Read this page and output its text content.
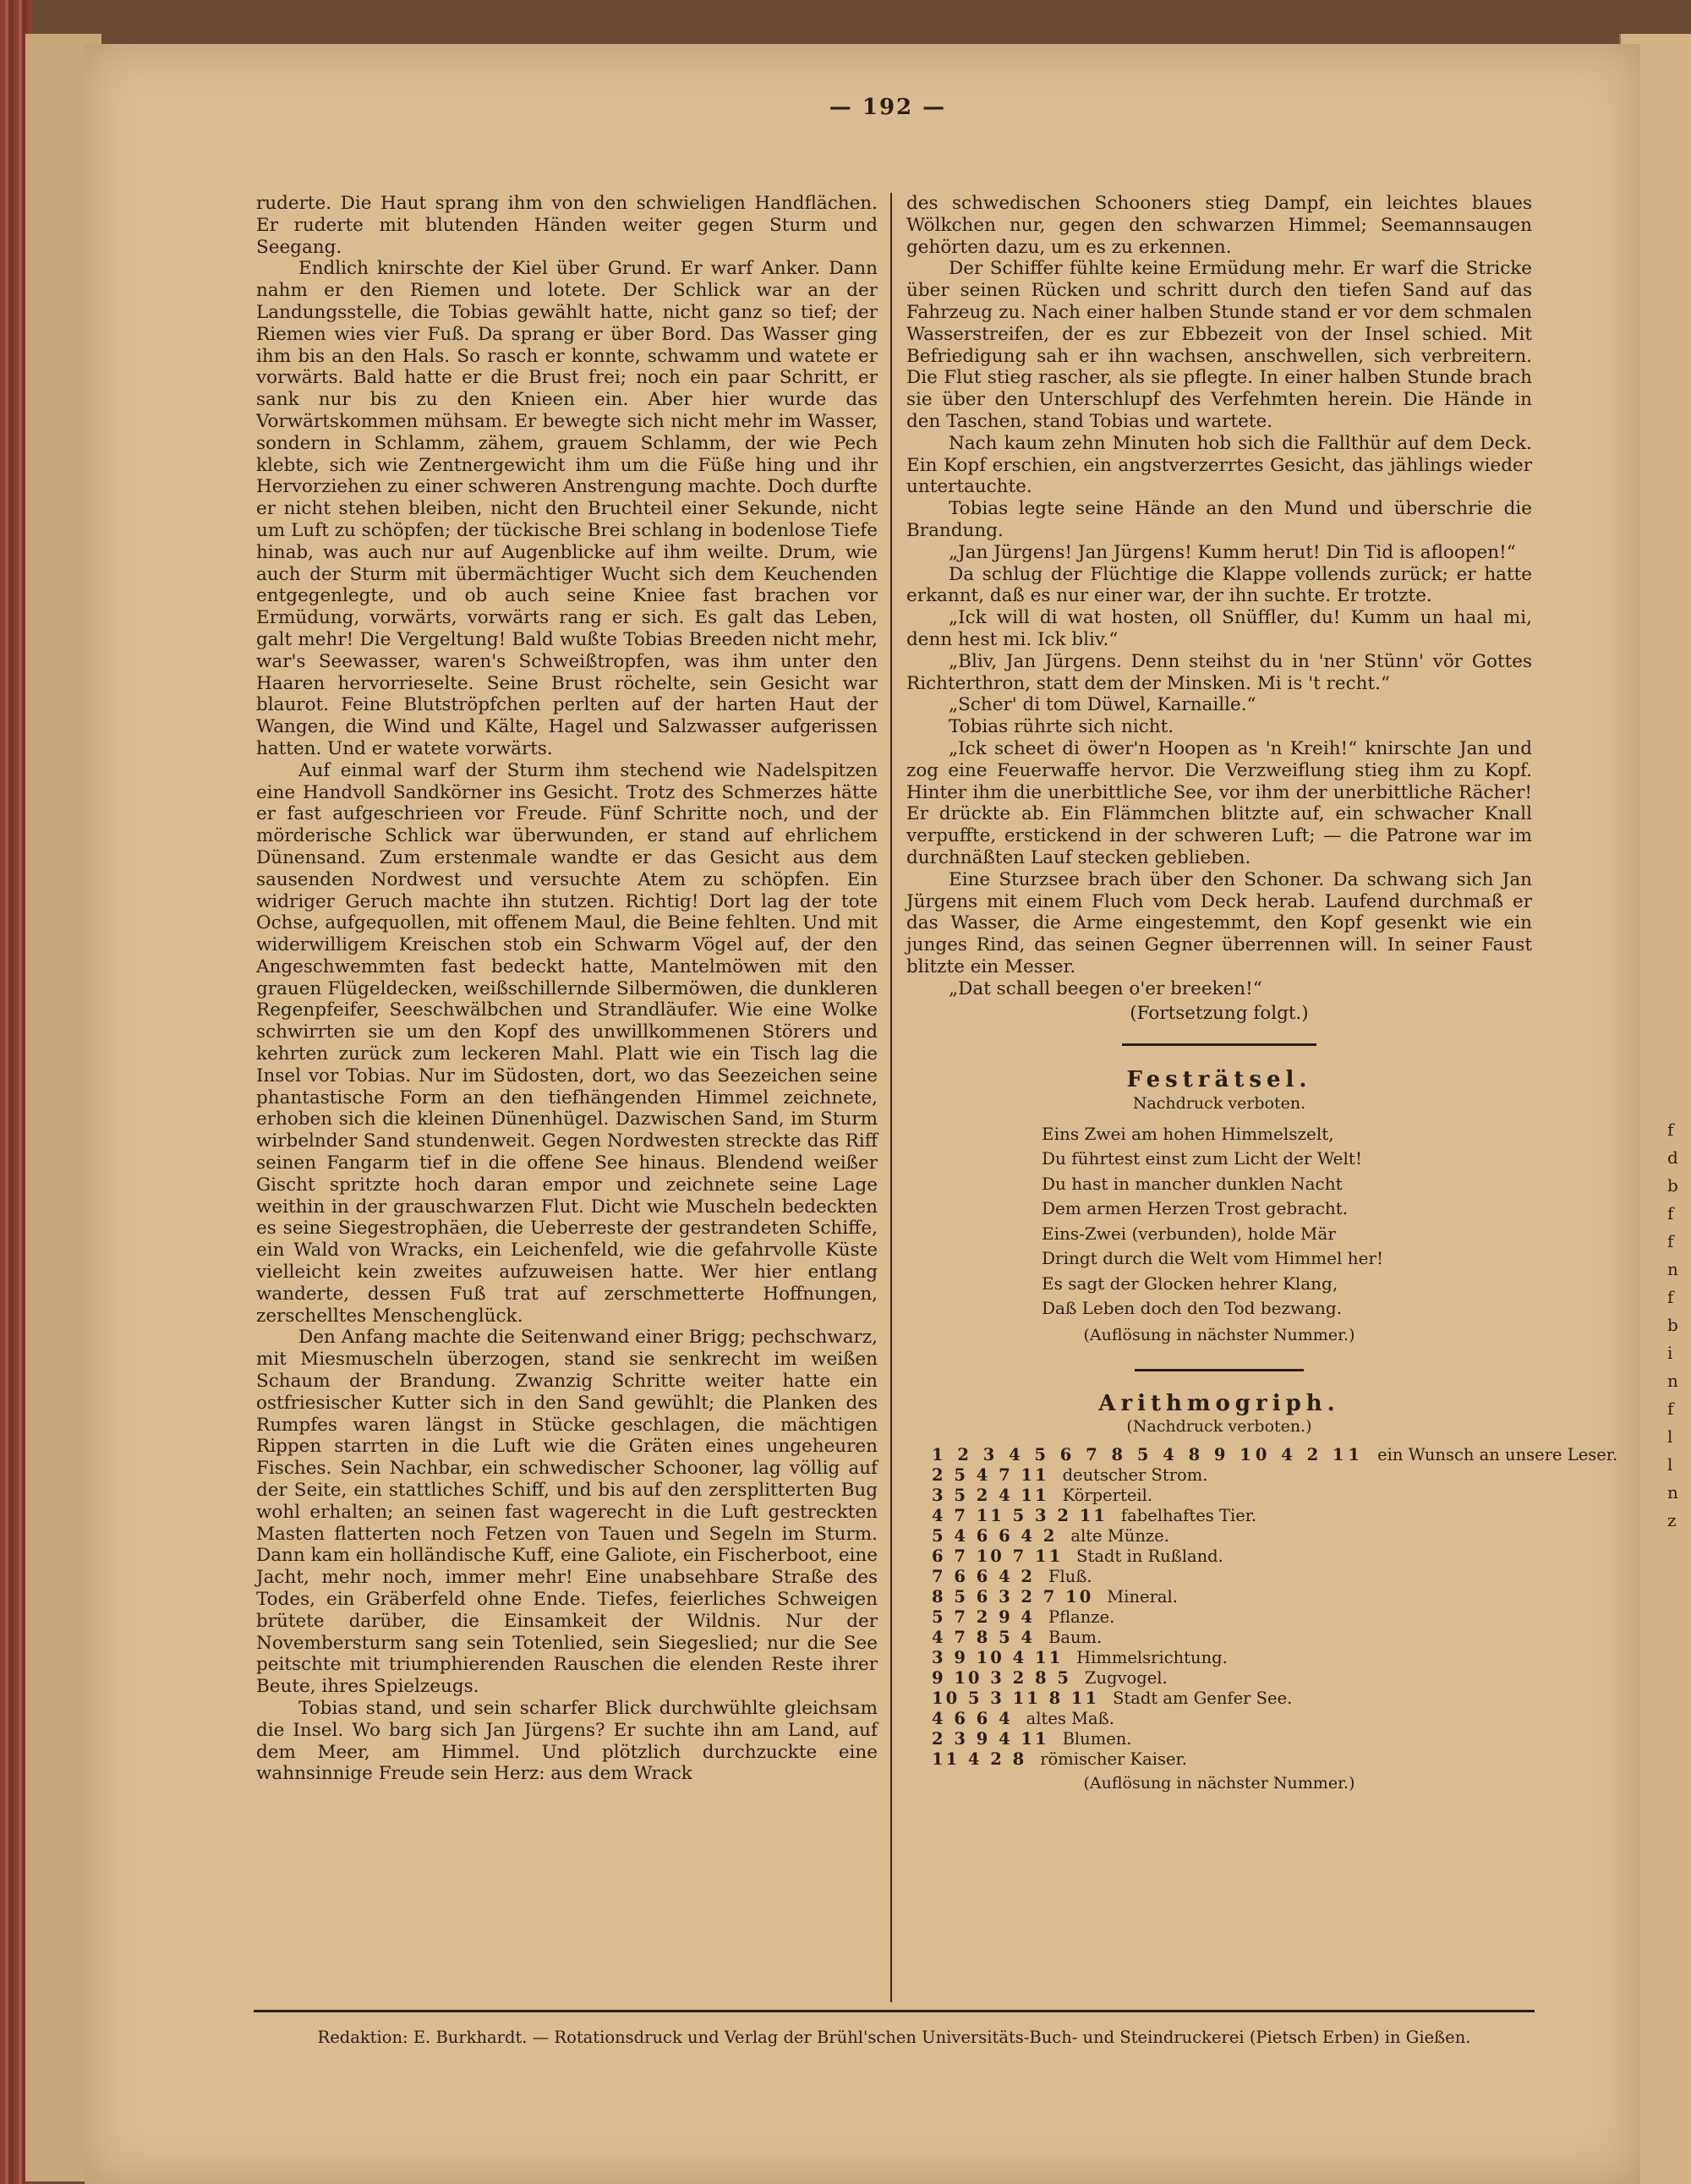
— 192 —

ruderte. Die Haut sprang ihm von den schwieligen Handflächen. Er ruderte mit blutenden Händen weiter gegen Sturm und Seegang.

Endlich knirschte der Kiel über Grund. Er warf Anker. Dann nahm er den Riemen und lotete. Der Schlick war an der Landungsstelle, die Tobias gewählt hatte, nicht ganz so tief; der Riemen wies vier Fuß. Da sprang er über Bord. Das Wasser ging ihm bis an den Hals. So rasch er konnte, schwamm und watete er vorwärts. Bald hatte er die Brust frei; noch ein paar Schritt, er sank nur bis zu den Knieen ein. Aber hier wurde das Vorwärtskommen mühsam. Er bewegte sich nicht mehr im Wasser, sondern in Schlamm, zähem, grauem Schlamm, der wie Pech klebte, sich wie Zentnergewicht ihm um die Füße hing und ihr Hervorziehen zu einer schweren Anstrengung machte. Doch durfte er nicht stehen bleiben, nicht den Bruchteil einer Sekunde, nicht um Luft zu schöpfen; der tückische Brei schlang in bodenlose Tiefe hinab, was auch nur auf Augenblicke auf ihm weilte. Drum, wie auch der Sturm mit übermächtiger Wucht sich dem Keuchenden entgegenlegte, und ob auch seine Kniee fast brachen vor Ermüdung, vorwärts, vorwärts rang er sich. Es galt das Leben, galt mehr! Die Vergeltung! Bald wußte Tobias Breeden nicht mehr, war's Seewasser, waren's Schweißtropfen, was ihm unter den Haaren hervorrieselte. Seine Brust röchelte, sein Gesicht war blaurot. Feine Blutströpfchen perlten auf der harten Haut der Wangen, die Wind und Kälte, Hagel und Salzwasser aufgerissen hatten. Und er watete vorwärts.

Auf einmal warf der Sturm ihm stechend wie Nadelspitzen eine Handvoll Sandkörner ins Gesicht. Trotz des Schmerzes hätte er fast aufgeschrieen vor Freude. Fünf Schritte noch, und der mörderische Schlick war überwunden, er stand auf ehrlichem Dünensand. Zum erstenmale wandte er das Gesicht aus dem sausenden Nordwest und versuchte Atem zu schöpfen. Ein widriger Geruch machte ihn stutzen. Richtig! Dort lag der tote Ochse, aufgequollen, mit offenem Maul, die Beine fehlten. Und mit widerwilligem Kreischen stob ein Schwarm Vögel auf, der den Angeschwemmten fast bedeckt hatte, Mantelmöwen mit den grauen Flügeldecken, weißschillernde Silbermöwen, die dunkleren Regenpfeifer, Seeschwälbchen und Strandläufer. Wie eine Wolke schwirrten sie um den Kopf des unwillkommenen Störers und kehrten zurück zum leckeren Mahl. Platt wie ein Tisch lag die Insel vor Tobias. Nur im Südosten, dort, wo das Seezeichen seine phantastische Form an den tiefhängenden Himmel zeichnete, erhoben sich die kleinen Dünenhügel. Dazwischen Sand, im Sturm wirbelnder Sand stundenweit. Gegen Nordwesten streckte das Riff seinen Fangarm tief in die offene See hinaus. Blendend weißer Gischt spritzte hoch daran empor und zeichnete seine Lage weithin in der grauschwarzen Flut. Dicht wie Muscheln bedeckten es seine Siegestrophäen, die Ueberreste der gestrandeten Schiffe, ein Wald von Wracks, ein Leichenfeld, wie die gefahrvolle Küste vielleicht kein zweites aufzuweisen hatte. Wer hier entlang wanderte, dessen Fuß trat auf zerschmetterte Hoffnungen, zerschelltes Menschenglück.

Den Anfang machte die Seitenwand einer Brigg; pechschwarz, mit Miesmuscheln überzogen, stand sie senkrecht im weißen Schaum der Brandung. Zwanzig Schritte weiter hatte ein ostfriesischer Kutter sich in den Sand gewühlt; die Planken des Rumpfes waren längst in Stücke geschlagen, die mächtigen Rippen starrten in die Luft wie die Gräten eines ungeheuren Fisches. Sein Nachbar, ein schwedischer Schooner, lag völlig auf der Seite, ein stattliches Schiff, und bis auf den zersplitterten Bug wohl erhalten; an seinen fast wagerecht in die Luft gestreckten Masten flatterten noch Fetzen von Tauen und Segeln im Sturm. Dann kam ein holländische Kuff, eine Galiote, ein Fischerboot, eine Jacht, mehr noch, immer mehr! Eine unabsehbare Straße des Todes, ein Gräberfeld ohne Ende. Tiefes, feierliches Schweigen brütete darüber, die Einsamkeit der Wildnis. Nur der Novembersturm sang sein Totenlied, sein Siegeslied; nur die See peitschte mit triumphierenden Rauschen die elenden Reste ihrer Beute, ihres Spielzeugs.

Tobias stand, und sein scharfer Blick durchwühlte gleichsam die Insel. Wo barg sich Jan Jürgens? Er suchte ihn am Land, auf dem Meer, am Himmel. Und plötzlich durchzuckte eine wahnsinnige Freude sein Herz: aus dem Wrack

des schwedischen Schooners stieg Dampf, ein leichtes blaues Wölkchen nur, gegen den schwarzen Himmel; Seemannsaugen gehörten dazu, um es zu erkennen.

Der Schiffer fühlte keine Ermüdung mehr. Er warf die Stricke über seinen Rücken und schritt durch den tiefen Sand auf das Fahrzeug zu. Nach einer halben Stunde stand er vor dem schmalen Wasserstreifen, der es zur Ebbezeit von der Insel schied. Mit Befriedigung sah er ihn wachsen, anschwellen, sich verbreitern. Die Flut stieg rascher, als sie pflegte. In einer halben Stunde brach sie über den Unterschlupf des Verfehmten herein. Die Hände in den Taschen, stand Tobias und wartete.

Nach kaum zehn Minuten hob sich die Fallthür auf dem Deck. Ein Kopf erschien, ein angstverzerrtes Gesicht, das jählings wieder untertauchte.

Tobias legte seine Hände an den Mund und überschrie die Brandung.

„Jan Jürgens! Jan Jürgens! Kumm herut! Din Tid is afloopen!“

Da schlug der Flüchtige die Klappe vollends zurück; er hatte erkannt, daß es nur einer war, der ihn suchte. Er trotzte.

„Ick will di wat hosten, oll Snüffler, du! Kumm un haal mi, denn hest mi. Ick bliv.“

„Bliv, Jan Jürgens. Denn steihst du in 'ner Stünn' vör Gottes Richterthron, statt dem der Minsken. Mi is 't recht.“

„Scher' di tom Düwel, Karnaille.“

Tobias rührte sich nicht.

„Ick scheet di öwer'n Hoopen as 'n Kreih!“ knirschte Jan und zog eine Feuerwaffe hervor. Die Verzweiflung stieg ihm zu Kopf. Hinter ihm die unerbittliche See, vor ihm der unerbittliche Rächer! Er drückte ab. Ein Flämmchen blitzte auf, ein schwacher Knall verpuffte, erstickend in der schweren Luft; — die Patrone war im durchnäßten Lauf stecken geblieben.

Eine Sturzsee brach über den Schoner. Da schwang sich Jan Jürgens mit einem Fluch vom Deck herab. Laufend durchmaß er das Wasser, die Arme eingestemmt, den Kopf gesenkt wie ein junges Rind, das seinen Gegner überrennen will. In seiner Faust blitzte ein Messer.

„Dat schall beegen o'er breeken!“

(Fortsetzung folgt.)
Festrätsel.
Nachdruck verboten.
Eins Zwei am hohen Himmelszelt,
Du führtest einst zum Licht der Welt!
Du hast in mancher dunklen Nacht
Dem armen Herzen Trost gebracht.
Eins-Zwei (verbunden), holde Mär
Dringt durch die Welt vom Himmel her!
Es sagt der Glocken hehrer Klang,
Daß Leben doch den Tod bezwang.
(Auflösung in nächster Nummer.)
Arithmogriph.
(Nachdruck verboten.)
1 2 3 4 5 6 7 8 5 4 8 9 10 4 2 11 ein Wunsch an unsere Leser.
2 5 4 7 11 deutscher Strom.
3 5 2 4 11 Körperteil.
4 7 11 5 3 2 11 fabelhaftes Tier.
5 4 6 6 4 2 alte Münze.
6 7 10 7 11 Stadt in Rußland.
7 6 6 4 2 Fluß.
8 5 6 3 2 7 10 Mineral.
5 7 2 9 4 Pflanze.
4 7 8 5 4 Baum.
3 9 10 4 11 Himmelsrichtung.
9 10 3 2 8 5 Zugvogel.
10 5 3 11 8 11 Stadt am Genfer See.
4 6 6 4 altes Maß.
2 3 9 4 11 Blumen.
11 4 2 8 römischer Kaiser.
(Auflösung in nächster Nummer.)
Redaktion: E. Burkhardt. — Rotationsdruck und Verlag der Brühl'schen Universitäts-Buch- und Steindruckerei (Pietsch Erben) in Gießen.
f
d
b
f
f
n
f
b
i
n
f
l
l
n
z
